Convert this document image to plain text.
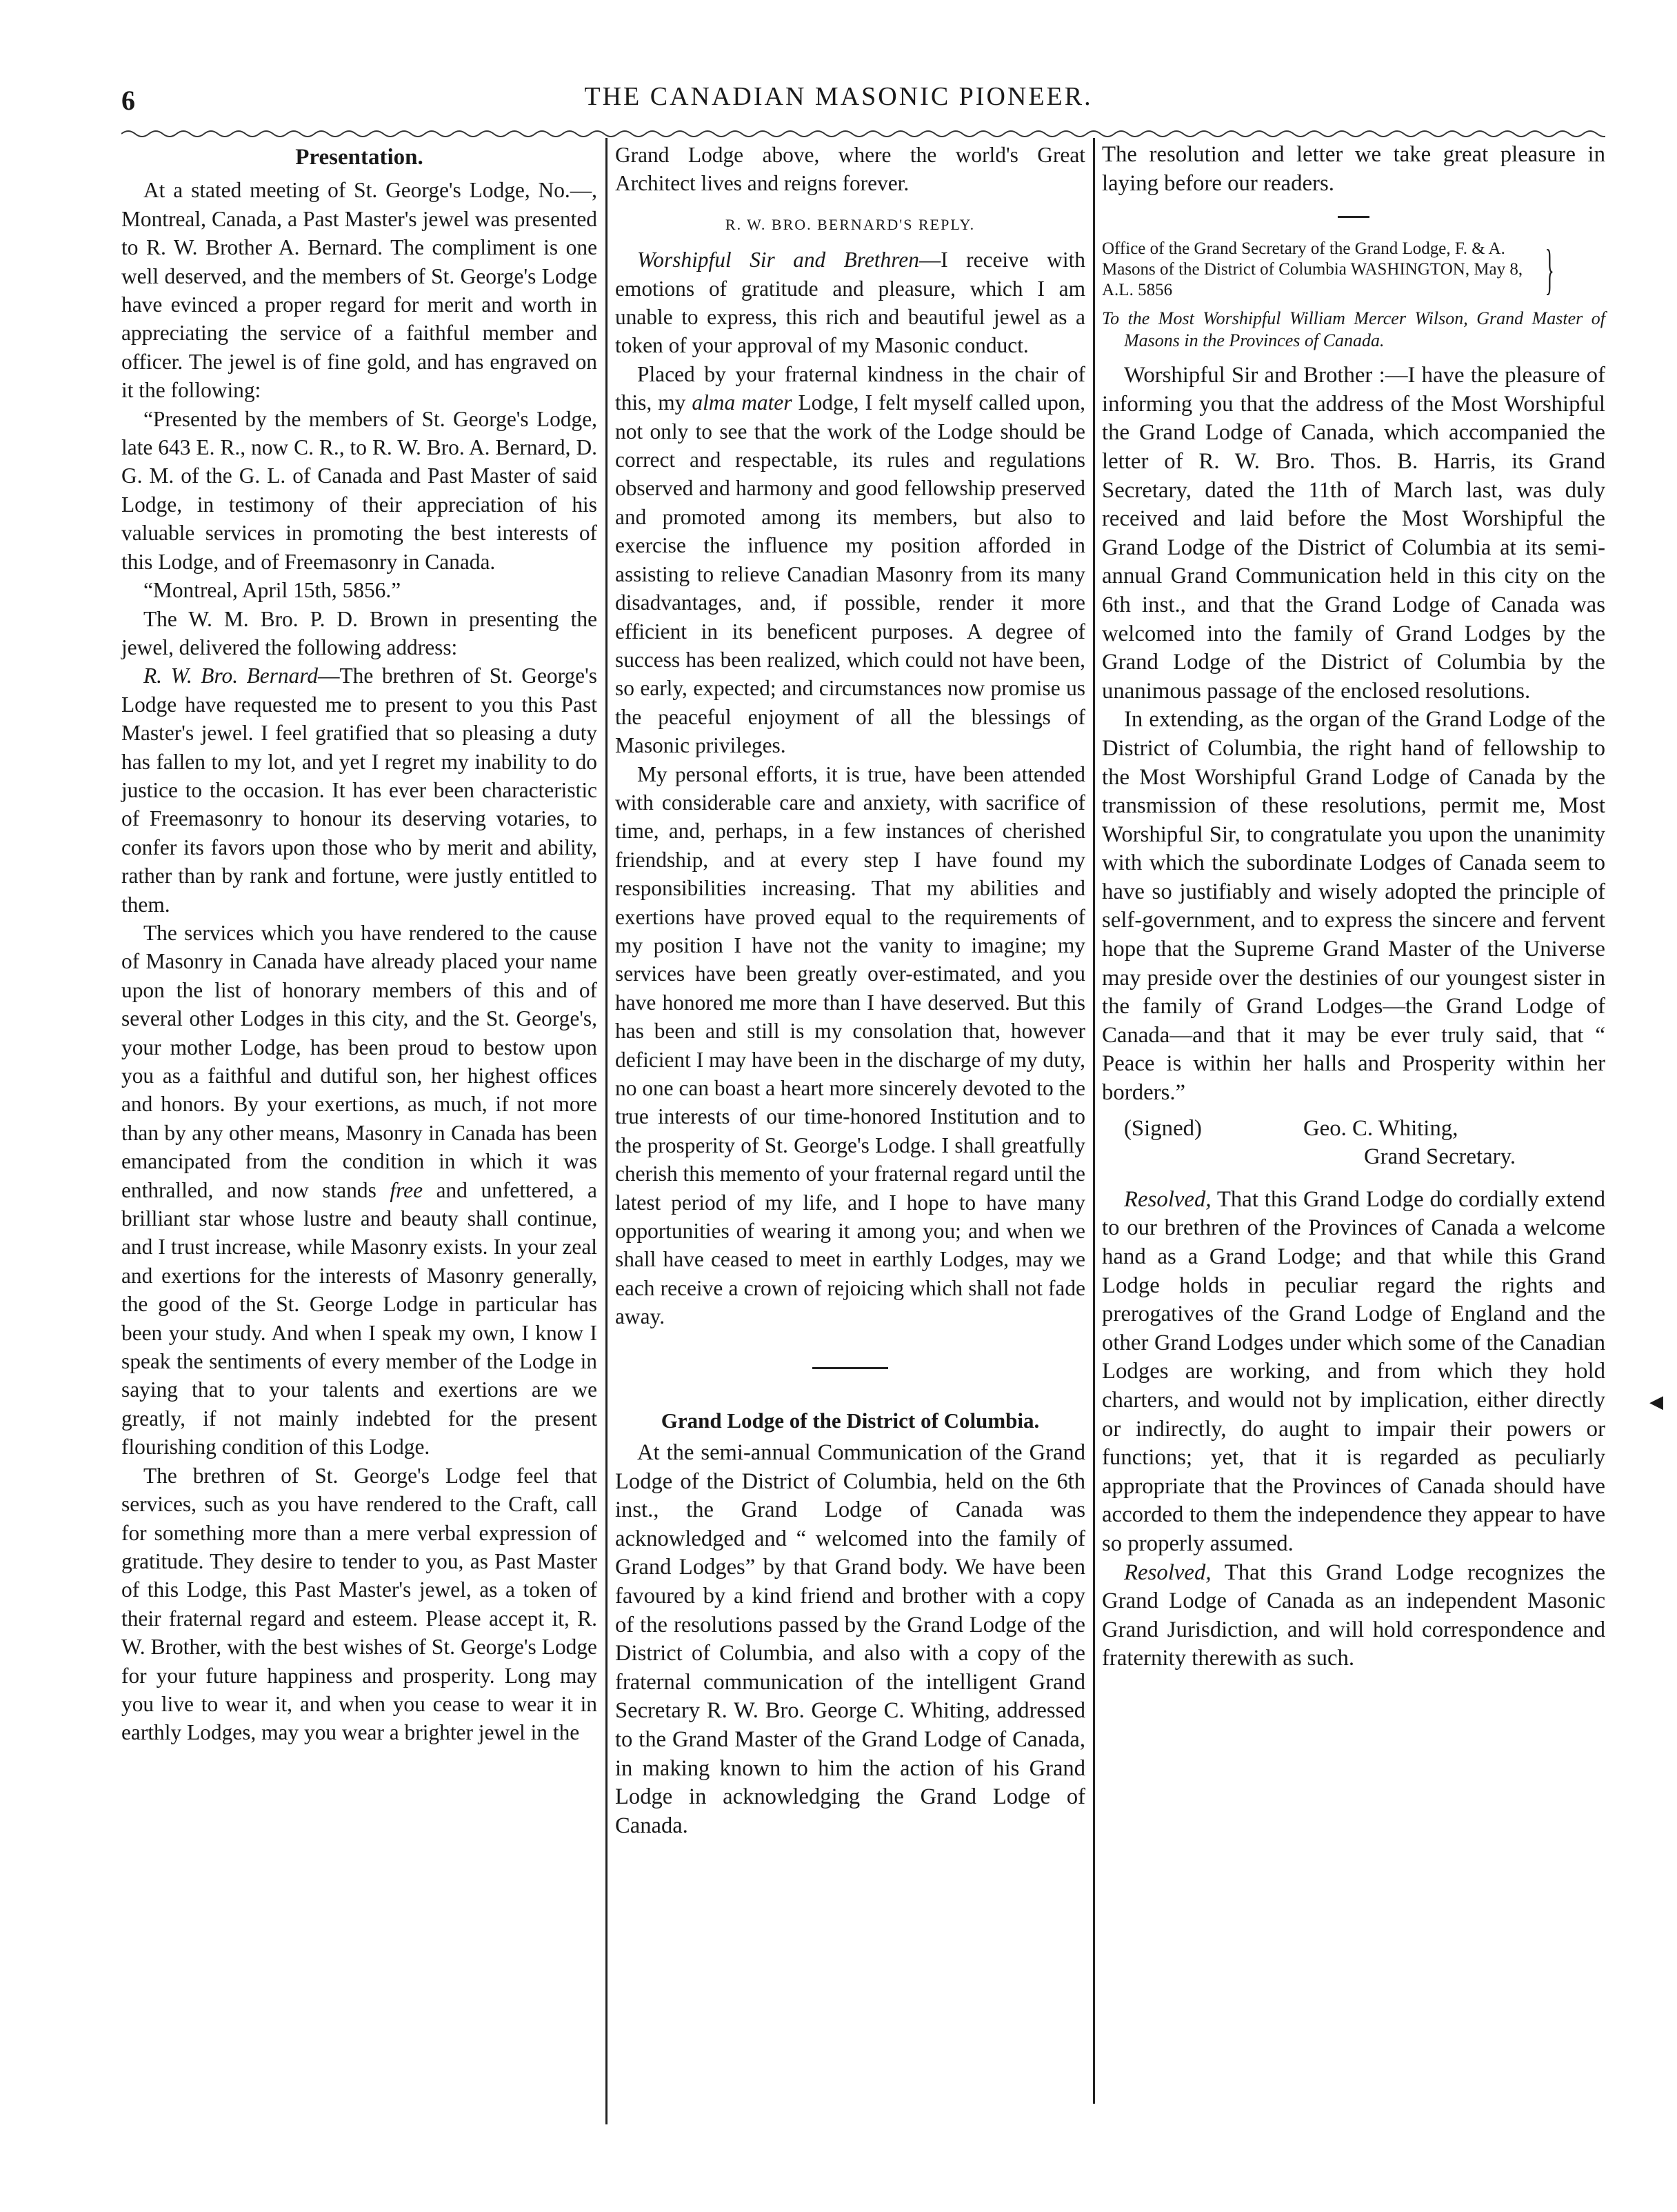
6	THE CANADIAN MASONIC PIONEER.
Presentation.

At a stated meeting of St. George's Lodge, No.—, Montreal, Canada, a Past Master's jewel was presented to R. W. Brother A. Bernard. The compliment is one well deserved, and the members of St. George's Lodge have evinced a proper regard for merit and worth in appreciating the service of a faithful member and officer. The jewel is of fine gold, and has engraved on it the following:

“Presented by the members of St. George's Lodge, late 643 E. R., now C. R., to R. W. Bro. A. Bernard, D. G. M. of the G. L. of Canada and Past Master of said Lodge, in testimony of their appreciation of his valuable services in promoting the best interests of this Lodge, and of Freemasonry in Canada.

“Montreal, April 15th, 5856.”

The W. M. Bro. P. D. Brown in presenting the jewel, delivered the following address:

R. W. Bro. Bernard—The brethren of St. George's Lodge have requested me to present to you this Past Master's jewel. I feel gratified that so pleasing a duty has fallen to my lot, and yet I regret my inability to do justice to the occasion. It has ever been characteristic of Freemasonry to honour its deserving votaries, to confer its favors upon those who by merit and ability, rather than by rank and fortune, were justly entitled to them.

The services which you have rendered to the cause of Masonry in Canada have already placed your name upon the list of honorary members of this and of several other Lodges in this city, and the St. George's, your mother Lodge, has been proud to bestow upon you as a faithful and dutiful son, her highest offices and honors. By your exertions, as much, if not more than by any other means, Masonry in Canada has been emancipated from the condition in which it was enthralled, and now stands free and unfettered, a brilliant star whose lustre and beauty shall continue, and I trust increase, while Masonry exists. In your zeal and exertions for the interests of Masonry generally, the good of the St. George Lodge in particular has been your study. And when I speak my own, I know I speak the sentiments of every member of the Lodge in saying that to your talents and exertions are we greatly, if not mainly indebted for the present flourishing condition of this Lodge.

The brethren of St. George's Lodge feel that services, such as you have rendered to the Craft, call for something more than a mere verbal expression of gratitude. They desire to tender to you, as Past Master of this Lodge, this Past Master's jewel, as a token of their fraternal regard and esteem. Please accept it, R. W. Brother, with the best wishes of St. George's Lodge for your future happiness and prosperity. Long may you live to wear it, and when you cease to wear it in earthly Lodges, may you wear a brighter jewel in the

Grand Lodge above, where the world's Great Architect lives and reigns forever.

R. W. BRO. BERNARD'S REPLY.

Worshipful Sir and Brethren—I receive with emotions of gratitude and pleasure, which I am unable to express, this rich and beautiful jewel as a token of your approval of my Masonic conduct.

Placed by your fraternal kindness in the chair of this, my alma mater Lodge, I felt myself called upon, not only to see that the work of the Lodge should be correct and respectable, its rules and regulations observed and harmony and good fellowship preserved and promoted among its members, but also to exercise the influence my position afforded in assisting to relieve Canadian Masonry from its many disadvantages, and, if possible, render it more efficient in its beneficent purposes. A degree of success has been realized, which could not have been, so early, expected; and circumstances now promise us the peaceful enjoyment of all the blessings of Masonic privileges.

My personal efforts, it is true, have been attended with considerable care and anxiety, with sacrifice of time, and, perhaps, in a few instances of cherished friendship, and at every step I have found my responsibilities increasing. That my abilities and exertions have proved equal to the requirements of my position I have not the vanity to imagine; my services have been greatly over-estimated, and you have honored me more than I have deserved. But this has been and still is my consolation that, however deficient I may have been in the discharge of my duty, no one can boast a heart more sincerely devoted to the true interests of our time-honored Institution and to the prosperity of St. George's Lodge. I shall greatfully cherish this memento of your fraternal regard until the latest period of my life, and I hope to have many opportunities of wearing it among you; and when we shall have ceased to meet in earthly Lodges, may we each receive a crown of rejoicing which shall not fade away.

Grand Lodge of the District of Columbia.

At the semi-annual Communication of the Grand Lodge of the District of Columbia, held on the 6th inst., the Grand Lodge of Canada was acknowledged and “ welcomed into the family of Grand Lodges” by that Grand body. We have been favoured by a kind friend and brother with a copy of the resolutions passed by the Grand Lodge of the District of Columbia, and also with a copy of the fraternal communication of the intelligent Grand Secretary R. W. Bro. George C. Whiting, addressed to the Grand Master of the Grand Lodge of Canada, in making known to him the action of his Grand Lodge in acknowledging the Grand Lodge of Canada.

The resolution and letter we take great pleasure in laying before our readers.

Office of the Grand Secretary of the Grand Lodge, F. & A. Masons of the District of Columbia WASHINGTON, May 8, A.L. 5856	}

To the Most Worshipful William Mercer Wilson, Grand Master of Masons in the Provinces of Canada.

Worshipful Sir and Brother :—I have the pleasure of informing you that the address of the Most Worshipful the Grand Lodge of Canada, which accompanied the letter of R. W. Bro. Thos. B. Harris, its Grand Secretary, dated the 11th of March last, was duly received and laid before the Most Worshipful the Grand Lodge of the District of Columbia at its semi-annual Grand Communication held in this city on the 6th inst., and that the Grand Lodge of Canada was welcomed into the family of Grand Lodges by the Grand Lodge of the District of Columbia by the unanimous passage of the enclosed resolutions.

In extending, as the organ of the Grand Lodge of the District of Columbia, the right hand of fellowship to the Most Worshipful Grand Lodge of Canada by the transmission of these resolutions, permit me, Most Worshipful Sir, to congratulate you upon the unanimity with which the subordinate Lodges of Canada seem to have so justifiably and wisely adopted the principle of self-government, and to express the sincere and fervent hope that the Supreme Grand Master of the Universe may preside over the destinies of our youngest sister in the family of Grand Lodges—the Grand Lodge of Canada—and that it may be ever truly said, that “ Peace is within her halls and Prosperity within her borders.”

(Signed)	Geo. C. Whiting,
Grand Secretary.

Resolved, That this Grand Lodge do cordially extend to our brethren of the Provinces of Canada a welcome hand as a Grand Lodge; and that while this Grand Lodge holds in peculiar regard the rights and prerogatives of the Grand Lodge of England and the other Grand Lodges under which some of the Canadian Lodges are working, and from which they hold charters, and would not by implication, either directly or indirectly, do aught to impair their powers or functions; yet, that it is regarded as peculiarly appropriate that the Provinces of Canada should have accorded to them the independence they appear to have so properly assumed.

Resolved, That this Grand Lodge recognizes the Grand Lodge of Canada as an independent Masonic Grand Jurisdiction, and will hold correspondence and fraternity therewith as such.

◀
